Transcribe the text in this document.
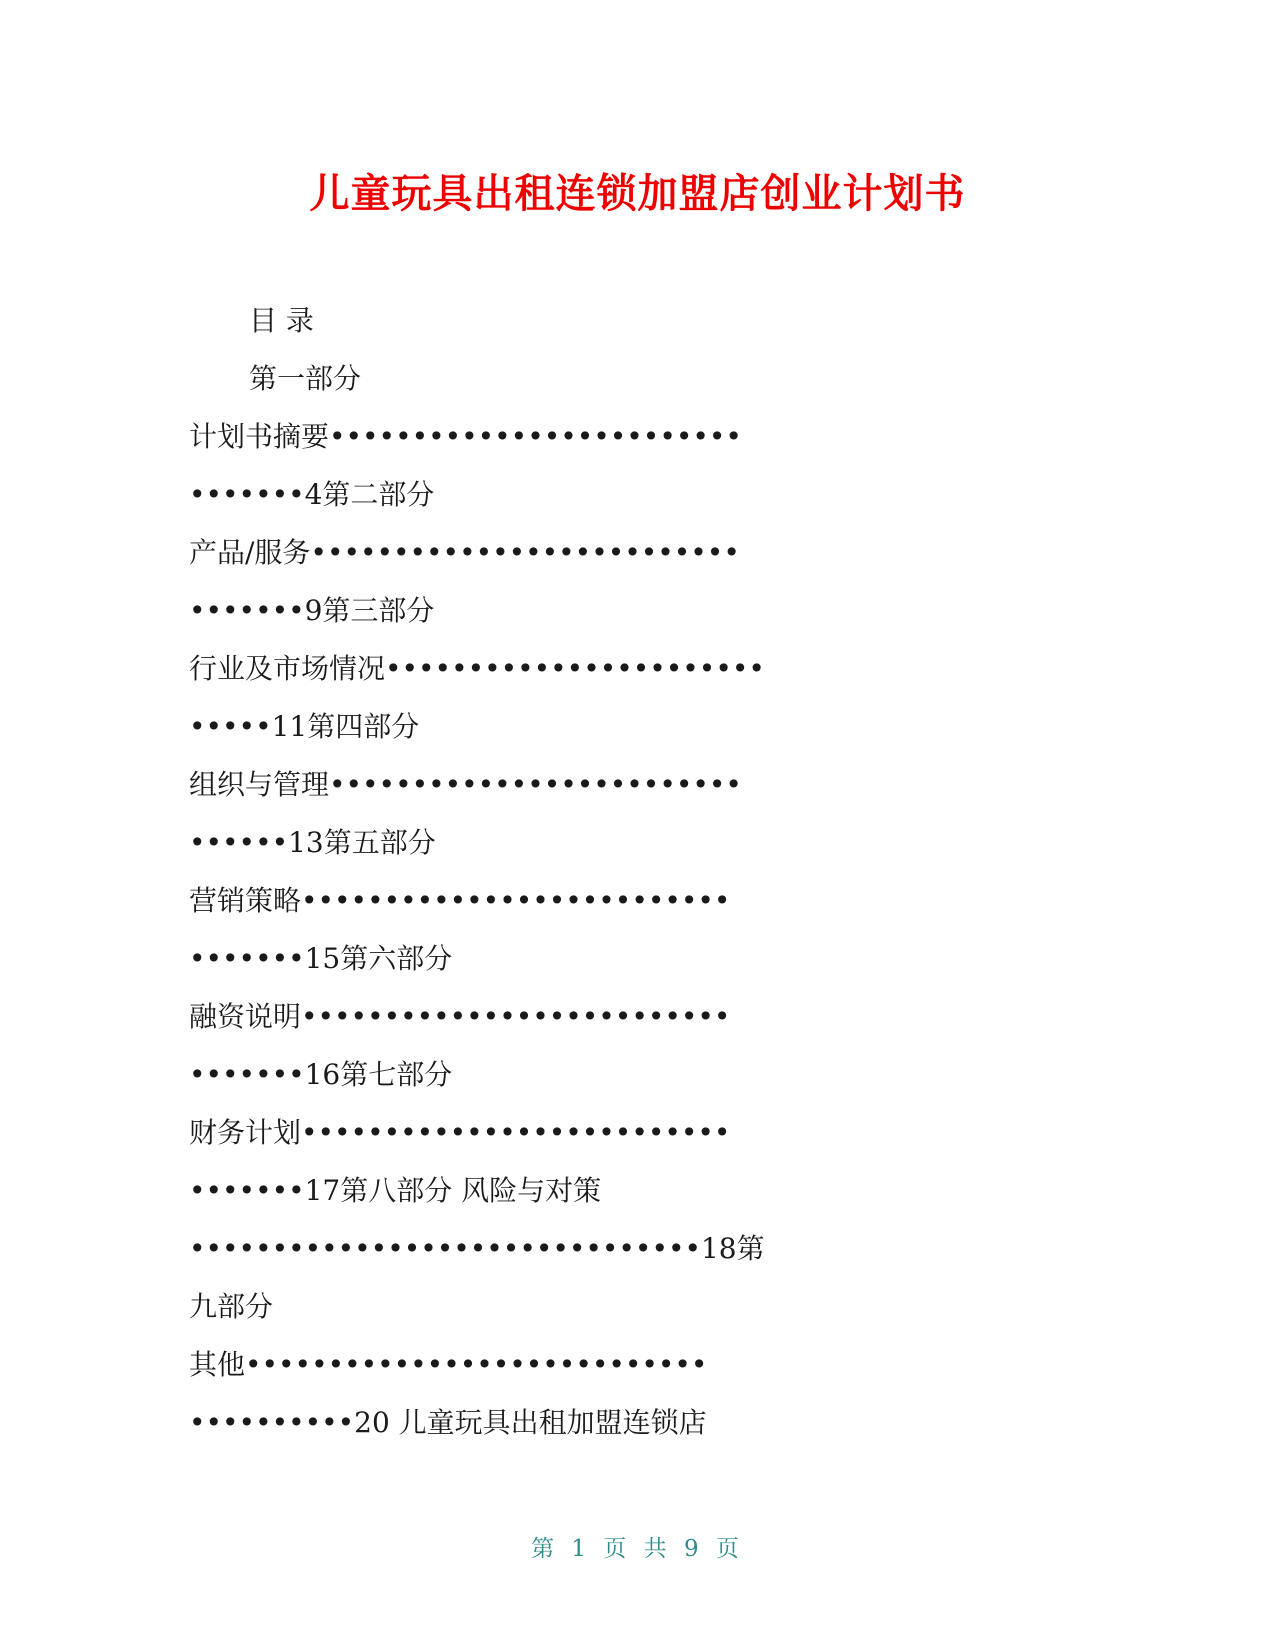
儿童玩具出租连锁加盟店创业计划书
目 录
第一部分
计划书摘要•••••••••••••••••••••••••
•••••••4第二部分
产品/服务••••••••••••••••••••••••••
•••••••9第三部分
行业及市场情况•••••••••••••••••••••••
•••••11第四部分
组织与管理•••••••••••••••••••••••••
••••••13第五部分
营销策略••••••••••••••••••••••••••
•••••••15第六部分
融资说明••••••••••••••••••••••••••
•••••••16第七部分
财务计划••••••••••••••••••••••••••
•••••••17第八部分 风险与对策
•••••••••••••••••••••••••••••••18第
九部分
其他••••••••••••••••••••••••••••
••••••••••20 儿童玩具出租加盟连锁店
第 1 页 共 9 页
